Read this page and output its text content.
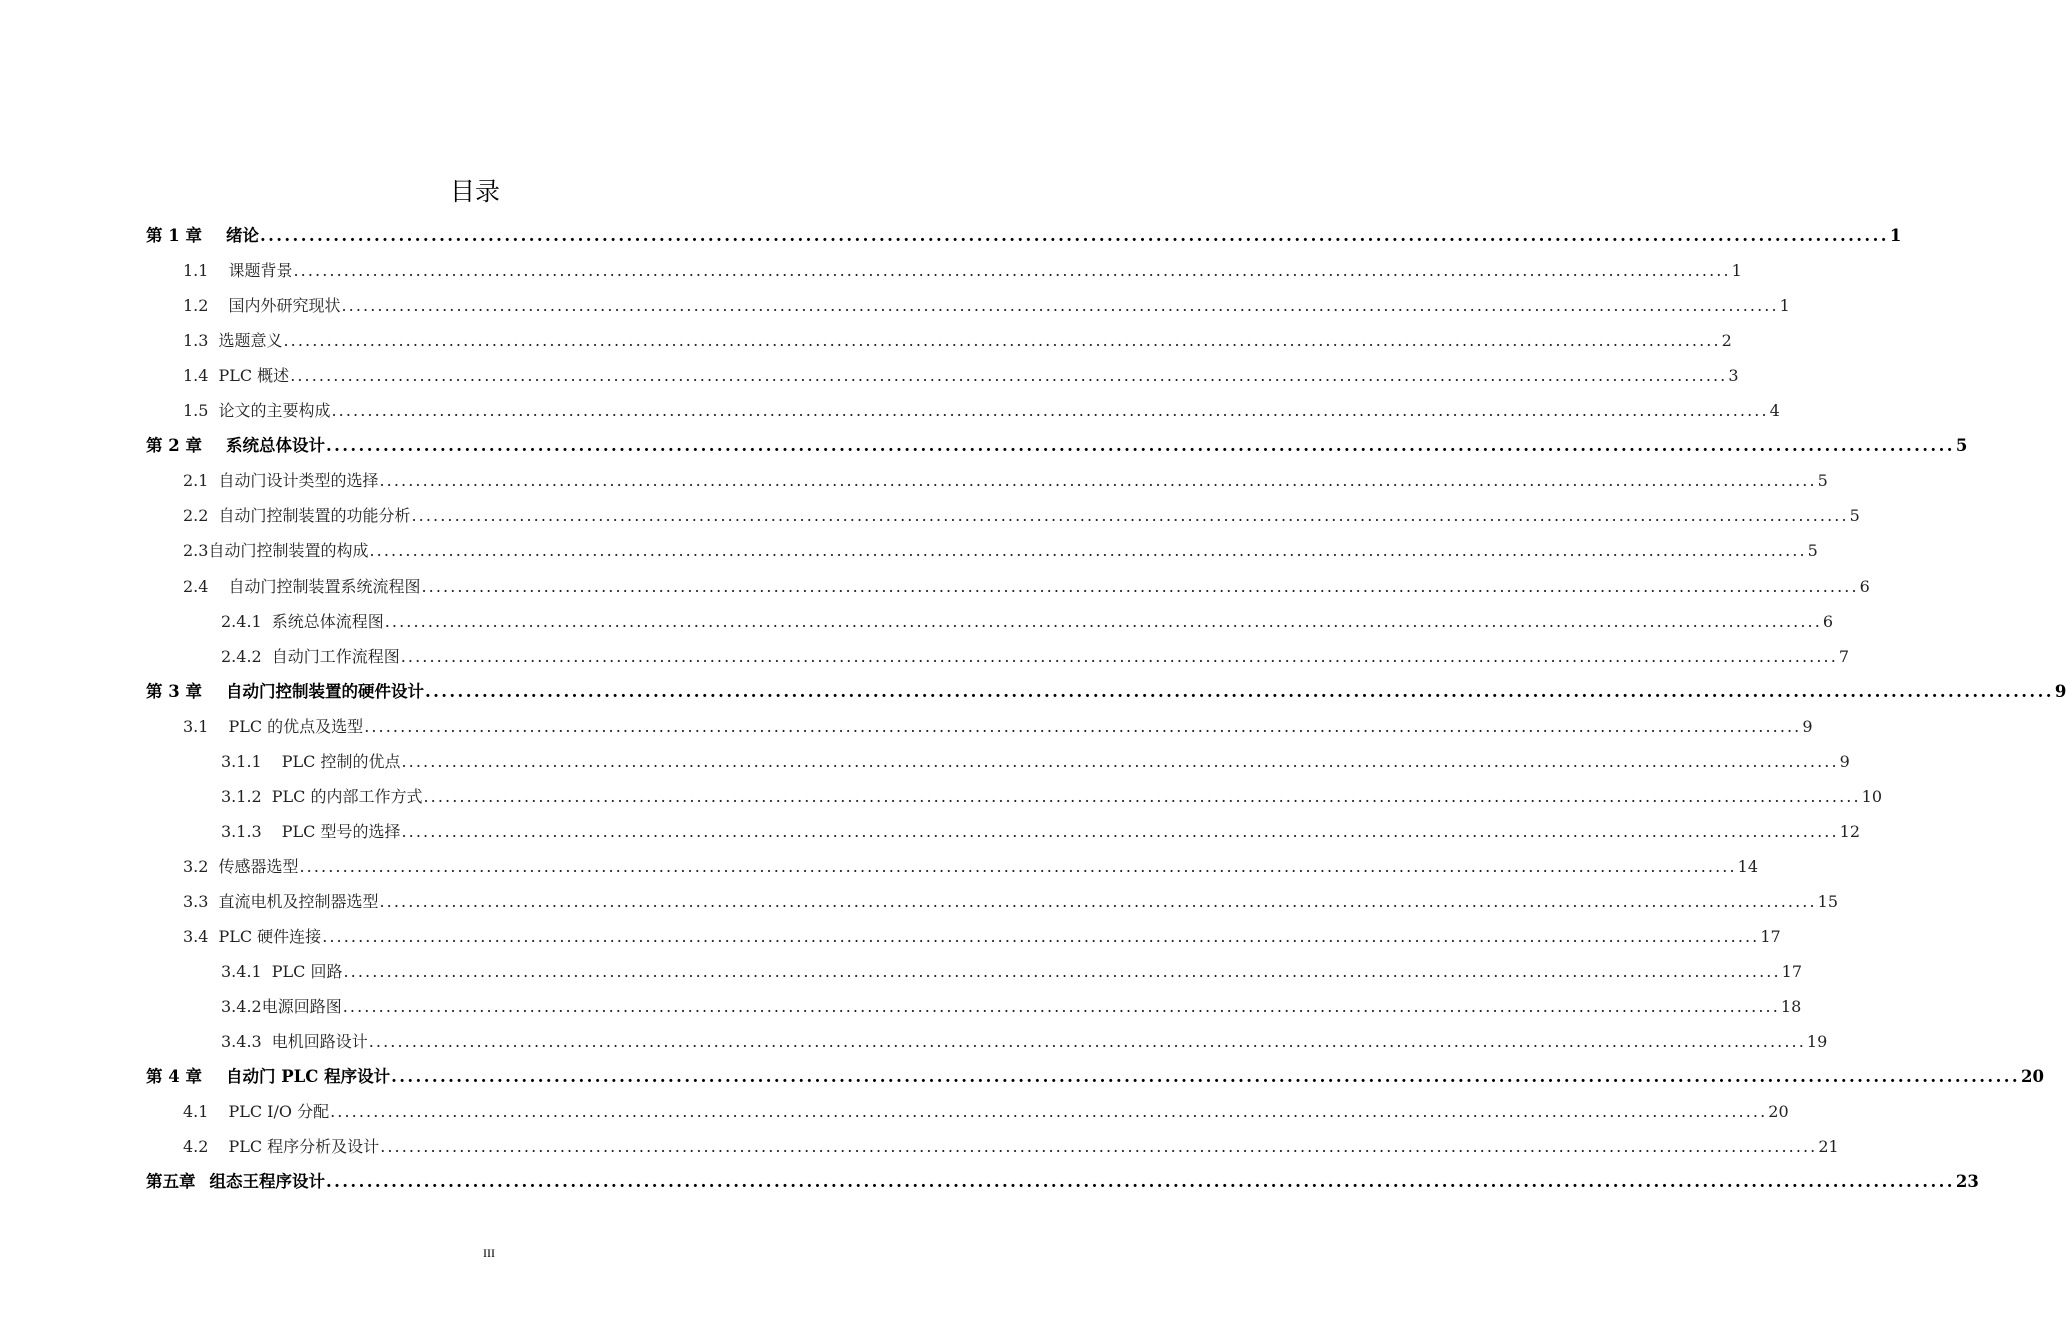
目录
第 1 章
　 绪论 ........................................................................................................................................................................................................ 1
1.1
　 课题背景 ........................................................................................................................................................................................................ 1
1.2
　 国内外研究现状 ........................................................................................................................................................................................................ 1
1.3
选题意义 ........................................................................................................................................................................................................ 2
1.4
PLC 概述 ........................................................................................................................................................................................................ 3
1.5
论文的主要构成 ........................................................................................................................................................................................................ 4
第 2 章
　 系统总体设计 ........................................................................................................................................................................................................ 5
2.1
自动门设计类型的选择 ........................................................................................................................................................................................................ 5
2.2
自动门控制装置的功能分析 ........................................................................................................................................................................................................ 5
2.3 自动门控制装置的构成 ........................................................................................................................................................................................................ 5
2.4
　 自动门控制装置系统流程图 ........................................................................................................................................................................................................ 6
2.4.1
系统总体流程图 ........................................................................................................................................................................................................ 6
2.4.2
自动门工作流程图 ........................................................................................................................................................................................................ 7
第 3 章
　 自动门控制装置的硬件设计 ........................................................................................................................................................................................................ 9
3.1
　 PLC 的优点及选型 ........................................................................................................................................................................................................ 9
3.1.1
　 PLC 控制的优点 ........................................................................................................................................................................................................ 9
3.1.2
PLC 的内部工作方式 ........................................................................................................................................................................................................ 10
3.1.3
　 PLC 型号的选择 ........................................................................................................................................................................................................ 12
3.2
传感器选型 ........................................................................................................................................................................................................ 14
3.3
直流电机及控制器选型 ........................................................................................................................................................................................................ 15
3.4
PLC 硬件连接 ........................................................................................................................................................................................................ 17
3.4.1
PLC 回路 ........................................................................................................................................................................................................ 17
3.4.2 电源回路图 ........................................................................................................................................................................................................ 18
3.4.3
电机回路设计 ........................................................................................................................................................................................................ 19
第 4 章
　 自动门 PLC 程序设计 ........................................................................................................................................................................................................ 20
4.1
　 PLC I/O 分配 ........................................................................................................................................................................................................ 20
4.2
　 PLC 程序分析及设计 ........................................................................................................................................................................................................ 21
第五章
组态王程序设计 ........................................................................................................................................................................................................ 23
III
